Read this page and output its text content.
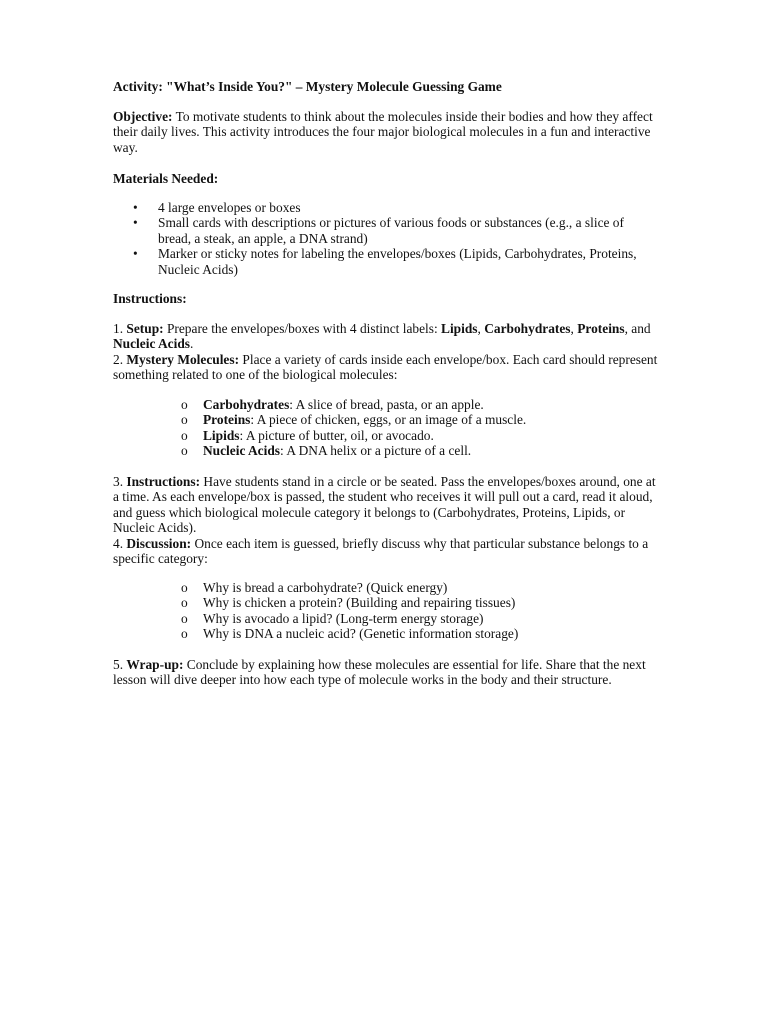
Activity: "What’s Inside You?" – Mystery Molecule Guessing Game
Objective: To motivate students to think about the molecules inside their bodies and how they affect their daily lives. This activity introduces the four major biological molecules in a fun and interactive way.
Materials Needed:
• 4 large envelopes or boxes
• Small cards with descriptions or pictures of various foods or substances (e.g., a slice of bread, a steak, an apple, a DNA strand)
• Marker or sticky notes for labeling the envelopes/boxes (Lipids, Carbohydrates, Proteins, Nucleic Acids)
Instructions:
1. Setup: Prepare the envelopes/boxes with 4 distinct labels: Lipids, Carbohydrates, Proteins, and Nucleic Acids.
2. Mystery Molecules: Place a variety of cards inside each envelope/box. Each card should represent something related to one of the biological molecules:
o Carbohydrates: A slice of bread, pasta, or an apple.
o Proteins: A piece of chicken, eggs, or an image of a muscle.
o Lipids: A picture of butter, oil, or avocado.
o Nucleic Acids: A DNA helix or a picture of a cell.
3. Instructions: Have students stand in a circle or be seated. Pass the envelopes/boxes around, one at a time. As each envelope/box is passed, the student who receives it will pull out a card, read it aloud, and guess which biological molecule category it belongs to (Carbohydrates, Proteins, Lipids, or Nucleic Acids).
4. Discussion: Once each item is guessed, briefly discuss why that particular substance belongs to a specific category:
o Why is bread a carbohydrate? (Quick energy)
o Why is chicken a protein? (Building and repairing tissues)
o Why is avocado a lipid? (Long-term energy storage)
o Why is DNA a nucleic acid? (Genetic information storage)
5. Wrap-up: Conclude by explaining how these molecules are essential for life. Share that the next lesson will dive deeper into how each type of molecule works in the body and their structure.
